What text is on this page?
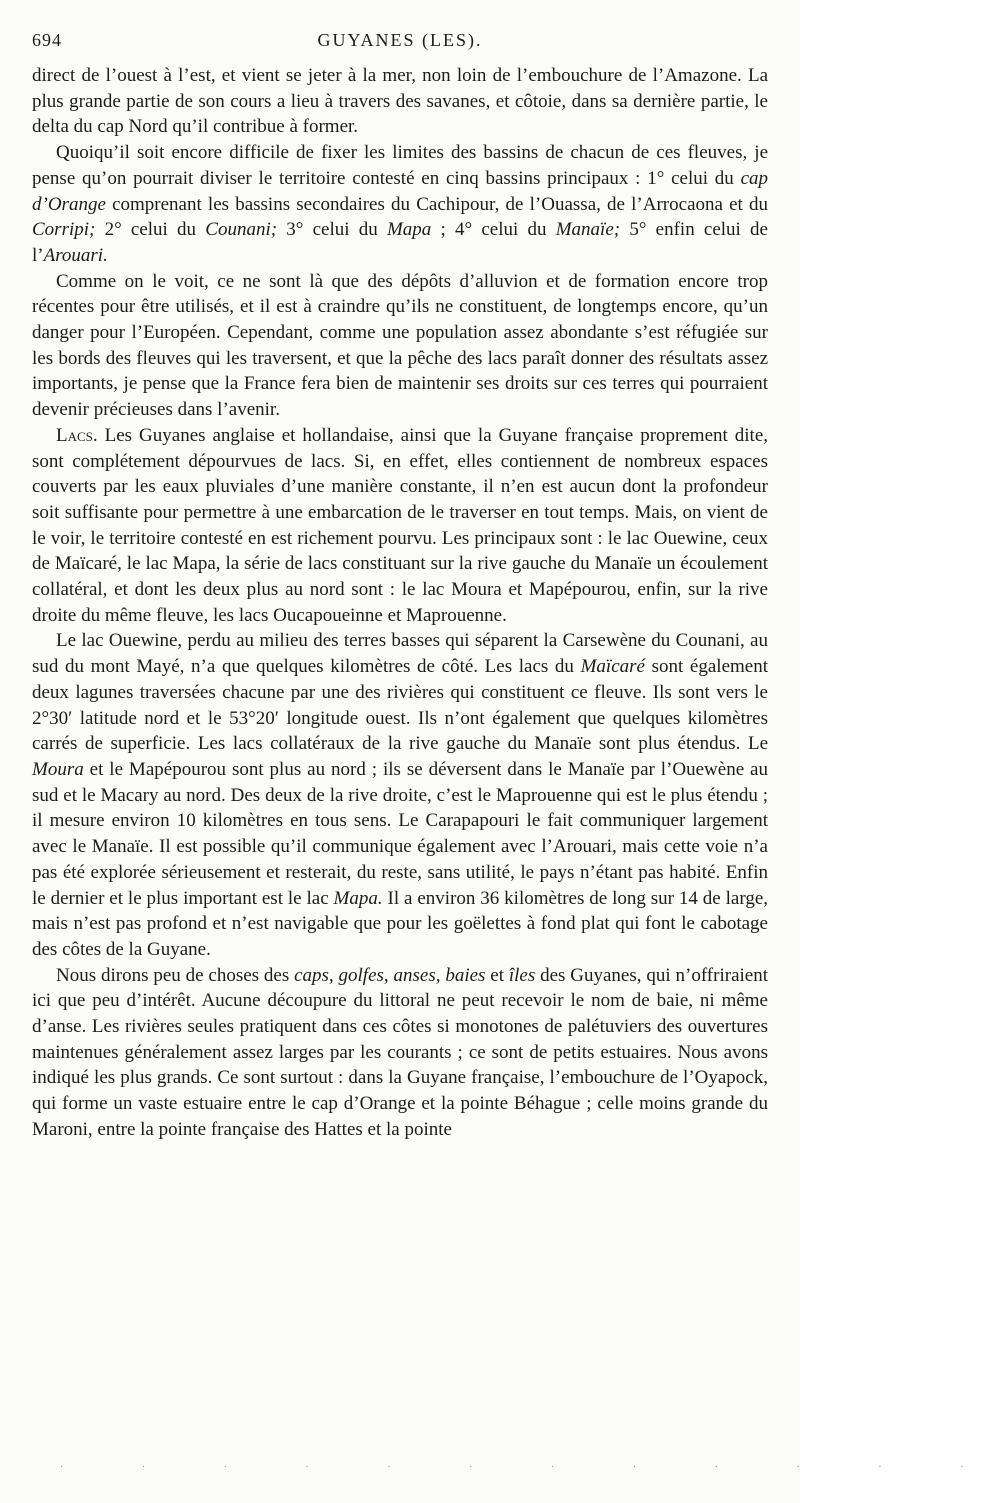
694	GUYANES (LES).

direct de l’ouest à l’est, et vient se jeter à la mer, non loin de l’embouchure de l’Amazone. La plus grande partie de son cours a lieu à travers des savanes, et côtoie, dans sa dernière partie, le delta du cap Nord qu’il contribue à former.

Quoiqu’il soit encore difficile de fixer les limites des bassins de chacun de ces fleuves, je pense qu’on pourrait diviser le territoire contesté en cinq bassins principaux : 1° celui du cap d’Orange comprenant les bassins secondaires du Cachipour, de l’Ouassa, de l’Arrocaona et du Corripi; 2° celui du Counani; 3° celui du Mapa ; 4° celui du Manaïe; 5° enfin celui de l’Arouari.

Comme on le voit, ce ne sont là que des dépôts d’alluvion et de formation encore trop récentes pour être utilisés, et il est à craindre qu’ils ne constituent, de longtemps encore, qu’un danger pour l’Européen. Cependant, comme une population assez abondante s’est réfugiée sur les bords des fleuves qui les traversent, et que la pêche des lacs paraît donner des résultats assez importants, je pense que la France fera bien de maintenir ses droits sur ces terres qui pourraient devenir précieuses dans l’avenir.

Lacs. Les Guyanes anglaise et hollandaise, ainsi que la Guyane française proprement dite, sont complétement dépourvues de lacs. Si, en effet, elles contiennent de nombreux espaces couverts par les eaux pluviales d’une manière constante, il n’en est aucun dont la profondeur soit suffisante pour permettre à une embarcation de le traverser en tout temps. Mais, on vient de le voir, le territoire contesté en est richement pourvu. Les principaux sont : le lac Ouewine, ceux de Maïcaré, le lac Mapa, la série de lacs constituant sur la rive gauche du Manaïe un écoulement collatéral, et dont les deux plus au nord sont : le lac Moura et Mapépourou, enfin, sur la rive droite du même fleuve, les lacs Oucapoueinne et Maprouenne.

Le lac Ouewine, perdu au milieu des terres basses qui séparent la Carsewène du Counani, au sud du mont Mayé, n’a que quelques kilomètres de côté. Les lacs du Maïcaré sont également deux lagunes traversées chacune par une des rivières qui constituent ce fleuve. Ils sont vers le 2°30′ latitude nord et le 53°20′ longitude ouest. Ils n’ont également que quelques kilomètres carrés de superficie. Les lacs collatéraux de la rive gauche du Manaïe sont plus étendus. Le Moura et le Mapépourou sont plus au nord ; ils se déversent dans le Manaïe par l’Ouewène au sud et le Macary au nord. Des deux de la rive droite, c’est le Maprouenne qui est le plus étendu ; il mesure environ 10 kilomètres en tous sens. Le Carapapouri le fait communiquer largement avec le Manaïe. Il est possible qu’il communique également avec l’Arouari, mais cette voie n’a pas été explorée sérieusement et resterait, du reste, sans utilité, le pays n’étant pas habité. Enfin le dernier et le plus important est le lac Mapa. Il a environ 36 kilomètres de long sur 14 de large, mais n’est pas profond et n’est navigable que pour les goëlettes à fond plat qui font le cabotage des côtes de la Guyane.

Nous dirons peu de choses des caps, golfes, anses, baies et îles des Guyanes, qui n’offriraient ici que peu d’intérêt. Aucune découpure du littoral ne peut recevoir le nom de baie, ni même d’anse. Les rivières seules pratiquent dans ces côtes si monotones de palétuviers des ouvertures maintenues généralement assez larges par les courants ; ce sont de petits estuaires. Nous avons indiqué les plus grands. Ce sont surtout : dans la Guyane française, l’embouchure de l’Oyapock, qui forme un vaste estuaire entre le cap d’Orange et la pointe Béhague ; celle moins grande du Maroni, entre la pointe française des Hattes et la pointe

· · · · · · · · · · · ·
